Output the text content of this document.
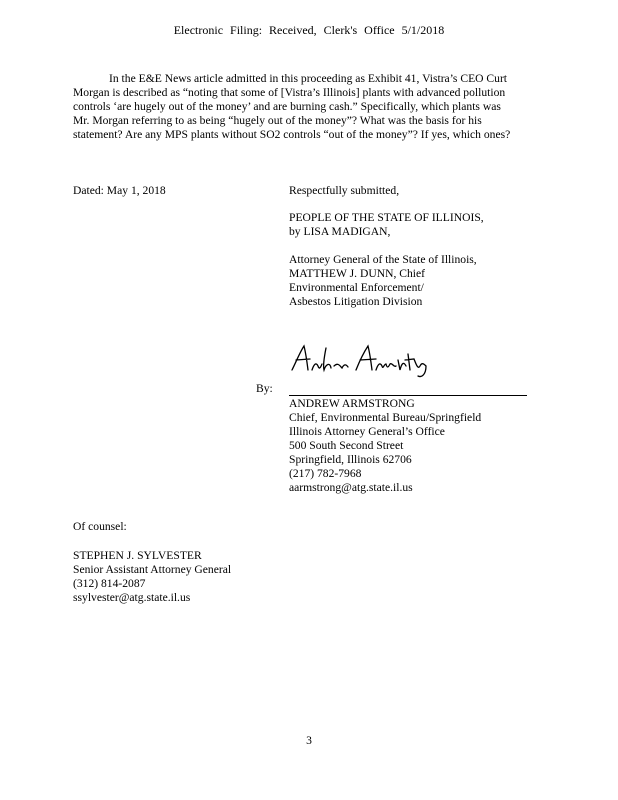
Electronic Filing: Received, Clerk's Office 5/1/2018
In the E&E News article admitted in this proceeding as Exhibit 41, Vistra’s CEO Curt
Morgan is described as “noting that some of [Vistra’s Illinois] plants with advanced pollution
controls ‘are hugely out of the money’ and are burning cash.” Specifically, which plants was
Mr. Morgan referring to as being “hugely out of the money”? What was the basis for his
statement? Are any MPS plants without SO2 controls “out of the money”? If yes, which ones?
Dated: May 1, 2018	Respectfully submitted,
PEOPLE OF THE STATE OF ILLINOIS,
by LISA MADIGAN,
Attorney General of the State of Illinois,
MATTHEW J. DUNN, Chief
Environmental Enforcement/
Asbestos Litigation Division
By:
ANDREW ARMSTRONG
Chief, Environmental Bureau/Springfield
Illinois Attorney General’s Office
500 South Second Street
Springfield, Illinois 62706
(217) 782-7968
aarmstrong@atg.state.il.us
Of counsel:
STEPHEN J. SYLVESTER
Senior Assistant Attorney General
(312) 814-2087
ssylvester@atg.state.il.us
3
